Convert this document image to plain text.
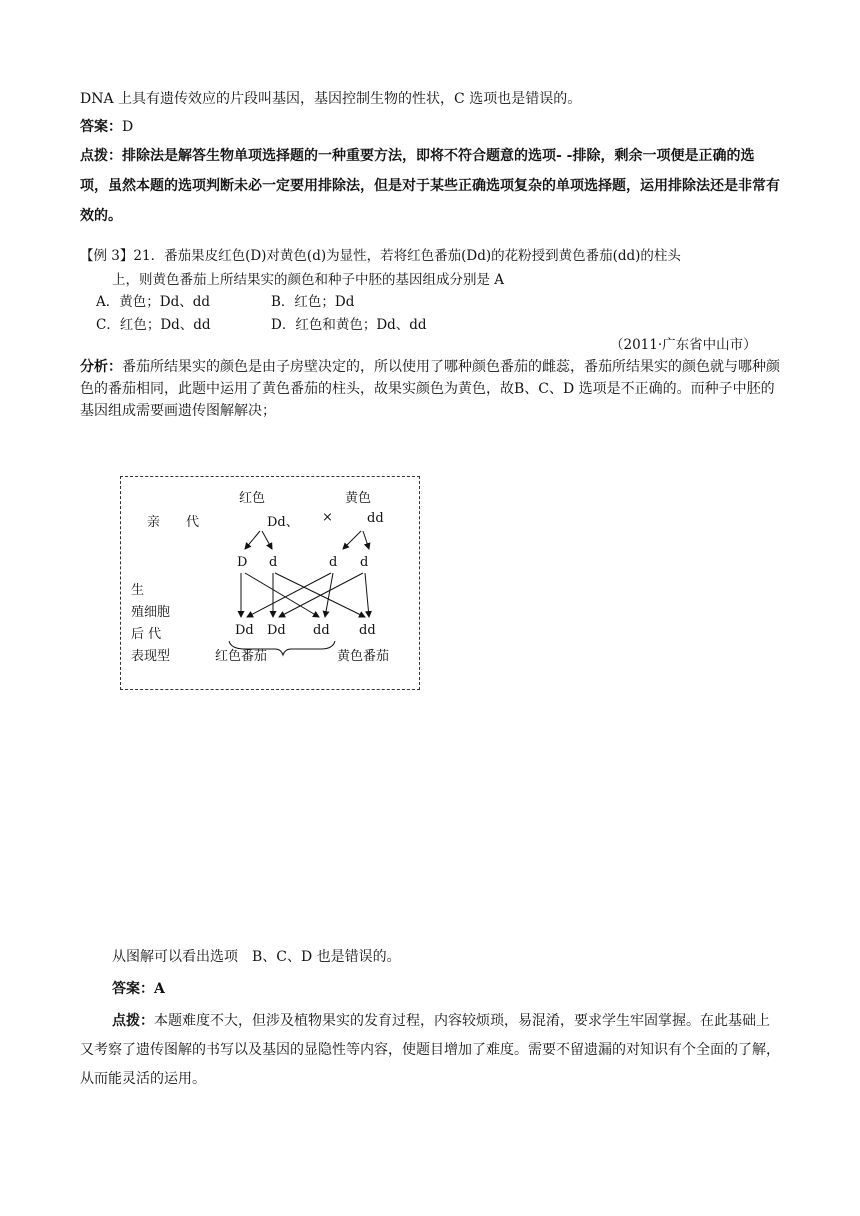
DNA 上具有遗传效应的片段叫基因，基因控制生物的性状，C 选项也是错误的。
答案：D
点拨：排除法是解答生物单项选择题的一种重要方法，即将不符合题意的选项- -排除，剩余一项便是正确的选项，虽然本题的选项判断未必一定要用排除法，但是对于某些正确选项复杂的单项选择题，运用排除法还是非常有效的。
【例 3】21．番茄果皮红色(D)对黄色(d)为显性，若将红色番茄(Dd)的花粉授到黄色番茄(dd)的柱头
上，则黄色番茄上所结果实的颜色和种子中胚的基因组成分别是 A
A．黄色；Dd、dd	B．红色；Dd
C．红色；Dd、dd	D．红色和黄色；Dd、dd
（2011·广东省中山市）
分析：番茄所结果实的颜色是由子房壁决定的，所以使用了哪种颜色番茄的雌蕊，番茄所结果实的颜色就与哪种颜色的番茄相同，此题中运用了黄色番茄的柱头，故果实颜色为黄色，故B、C、D 选项是不正确的。而种子中胚的基因组成需要画遗传图解解决；
红色	黄色
亲　　代	Dd、 ×	dd
D d	d d
生
殖细胞
后 代
表现型
Dd Dd dd dd
红色番茄	黄色番茄
从图解可以看出选项　B、C、D 也是错误的。
答案：A
点拨：本题难度不大，但涉及植物果实的发育过程，内容较烦琐，易混淆，要求学生牢固掌握。在此基础上又考察了遗传图解的书写以及基因的显隐性等内容，使题目增加了难度。需要不留遗漏的对知识有个全面的了解，从而能灵活的运用。
